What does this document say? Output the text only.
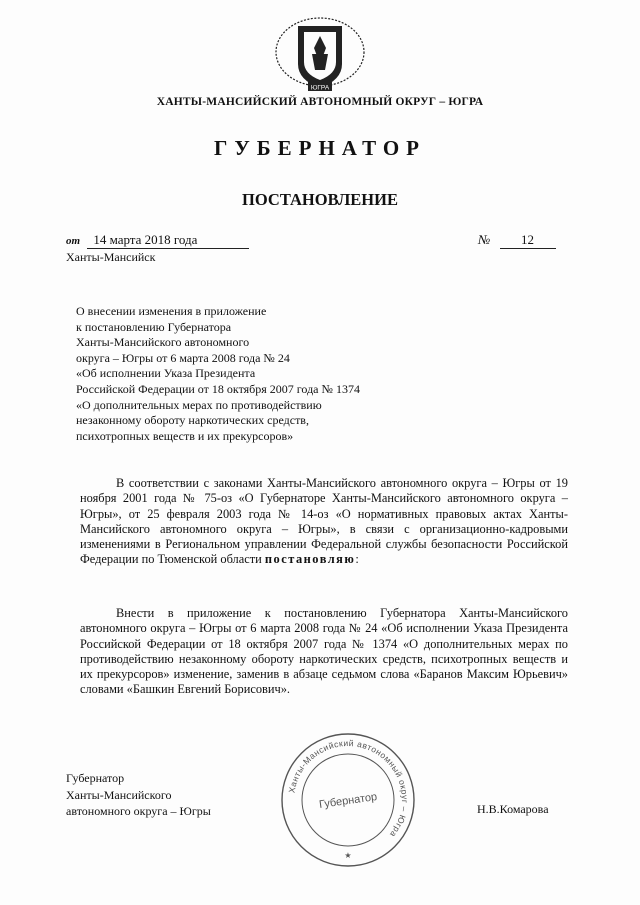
ЮГРА
ХАНТЫ-МАНСИЙСКИЙ АВТОНОМНЫЙ ОКРУГ – ЮГРА
ГУБЕРНАТОР
ПОСТАНОВЛЕНИЕ
от 14 марта 2018 года	№ 12
Ханты-Мансийск
О внесении изменения в приложение
к постановлению Губернатора
Ханты-Мансийского автономного
округа – Югры от 6 марта 2008 года № 24
«Об исполнении Указа Президента
Российской Федерации от 18 октября 2007 года № 1374
«О дополнительных мерах по противодействию
незаконному обороту наркотических средств,
психотропных веществ и их прекурсоров»
В соответствии с законами Ханты-Мансийского автономного округа – Югры от 19 ноября 2001 года № 75-оз «О Губернаторе Ханты-Мансийского автономного округа – Югры», от 25 февраля 2003 года № 14-оз «О нормативных правовых актах Ханты-Мансийского автономного округа – Югры», в связи с организационно-кадровыми изменениями в Региональном управлении Федеральной службы безопасности Российской Федерации по Тюменской области постановляю:
Внести в приложение к постановлению Губернатора Ханты-Мансийского автономного округа – Югры от 6 марта 2008 года № 24 «Об исполнении Указа Президента Российской Федерации от 18 октября 2007 года № 1374 «О дополнительных мерах по противодействию незаконному обороту наркотических средств, психотропных веществ и их прекурсоров» изменение, заменив в абзаце седьмом слова «Баранов Максим Юрьевич» словами «Башкин Евгений Борисович».
Губернатор
Ханты-Мансийского
автономного округа – Югры
Ханты-Мансийский автономный округ – Югра
Губернатор
★
Н.В.Комарова
